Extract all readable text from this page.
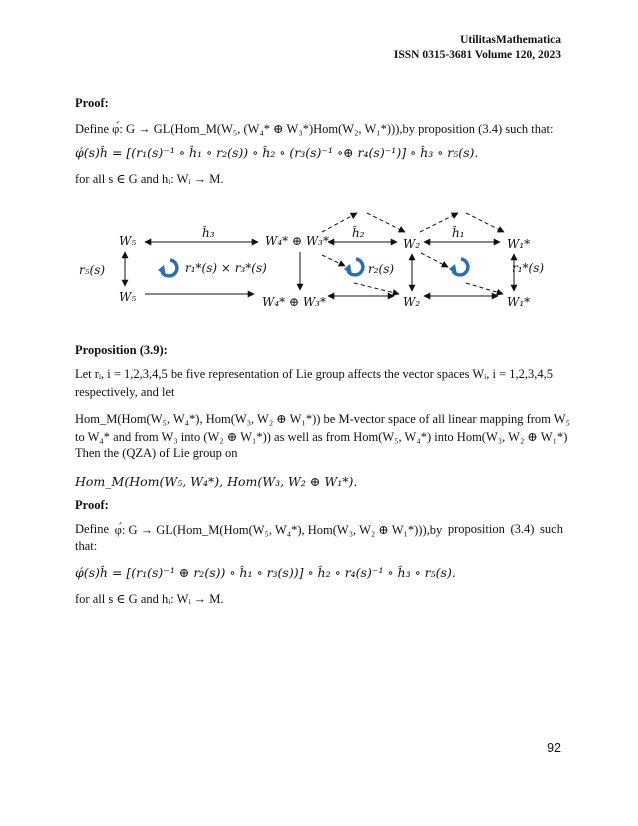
UtilitasMathematica
ISSN 0315-3681 Volume 120, 2023
Proof:
Define φ́: G → GL(Hom_M(W₅, (W₄* ⊕ W₃*)Hom(W₂, W₁*))),by proposition (3.4) such that:
φ́(s)ĥ = [(r₁(s)⁻¹ ∘ ĥ₁ ∘ r₂(s)) ∘ ĥ₂ ∘ (r₃(s)⁻¹ ∘⊕ r₄(s)⁻¹)] ∘ ĥ₃ ∘ r₅(s).
for all s ∈ G and hᵢ: Wᵢ → M.
W₅
W₅
W₄* ⊕ W₃*
W₄* ⊕ W₃*
W₂
W₂
W₁*
W₁*
ĥ₃	ĥ₂	ĥ₁
r₅(s)	r₁*(s) × r₃*(s)	r₂(s)	r₁*(s)
Proposition (3.9):
Let rᵢ, i = 1,2,3,4,5 be five representation of Lie group affects the vector spaces Wᵢ, i = 1,2,3,4,5
respectively, and let
Hom_M(Hom(W₅, W₄*), Hom(W₃, W₂ ⊕ W₁*)) be M-vector space of all linear mapping from W₅
to W₄* and from W₃ into (W₂ ⊕ W₁*)) as well as from Hom(W₅, W₄*) into Hom(W₃, W₂ ⊕ W₁*)
Then the (QZA) of Lie group on
Hom_M(Hom(W₅, W₄*), Hom(W₃, W₂ ⊕ W₁*).
Proof:
Define φ́: G → GL(Hom_M(Hom(W₅, W₄*), Hom(W₃, W₂ ⊕ W₁*))),by proposition (3.4) such
that:
φ́(s)ĥ = [(r₁(s)⁻¹ ⊕ r₂(s)) ∘ ĥ₁ ∘ r₃(s))] ∘ ĥ₂ ∘ r₄(s)⁻¹ ∘ ĥ₃ ∘ r₅(s).
for all s ∈ G and hᵢ: Wᵢ → M.
92
